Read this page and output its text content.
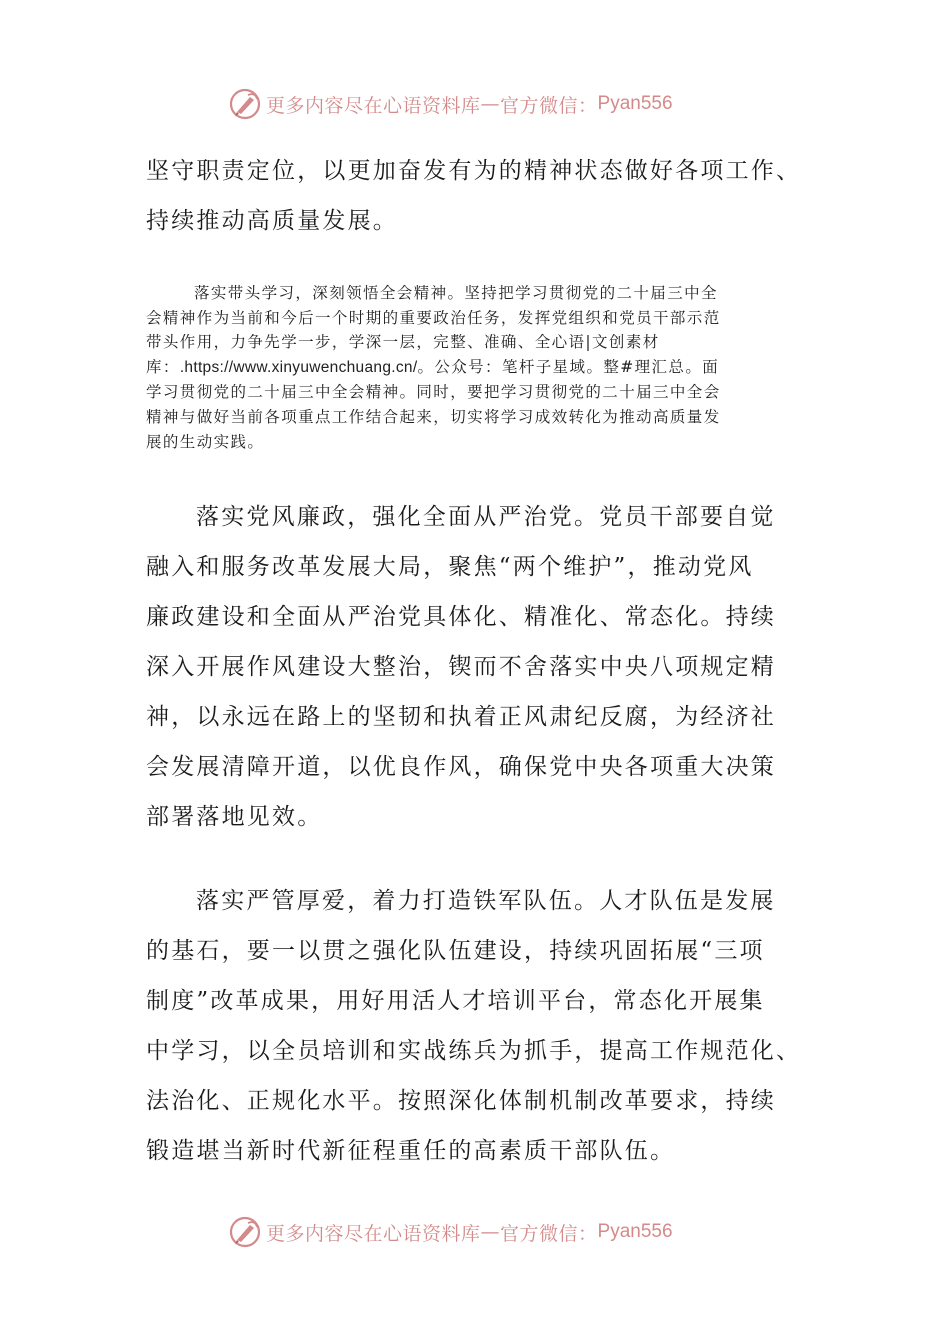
更多内容尽在心语资料库 — 官方微信： Pyan556

坚守职责定位，以更加奋发有为的精神状态做好各项工作、
持续推动高质量发展。

落实带头学习，深刻领悟全会精神。坚持把学习贯彻党的二十届三中全
会精神作为当前和今后一个时期的重要政治任务，发挥党组织和党员干部示范
带头作用，力争先学一步，学深一层，完整、准确、全心语|文创素材
库：.https://www.xinyuwenchuang.cn/。公众号：笔杆子星域。整#理汇总。面
学习贯彻党的二十届三中全会精神。同时，要把学习贯彻党的二十届三中全会
精神与做好当前各项重点工作结合起来，切实将学习成效转化为推动高质量发
展的生动实践。

落实党风廉政，强化全面从严治党。党员干部要自觉
融入和服务改革发展大局，聚焦“两个维护”，推动党风
廉政建设和全面从严治党具体化、精准化、常态化。持续
深入开展作风建设大整治，锲而不舍落实中央八项规定精
神，以永远在路上的坚韧和执着正风肃纪反腐，为经济社
会发展清障开道，以优良作风，确保党中央各项重大决策
部署落地见效。

落实严管厚爱，着力打造铁军队伍。人才队伍是发展
的基石，要一以贯之强化队伍建设，持续巩固拓展“三项
制度”改革成果，用好用活人才培训平台，常态化开展集
中学习，以全员培训和实战练兵为抓手，提高工作规范化、
法治化、正规化水平。按照深化体制机制改革要求，持续
锻造堪当新时代新征程重任的高素质干部队伍。

更多内容尽在心语资料库 — 官方微信： Pyan556
